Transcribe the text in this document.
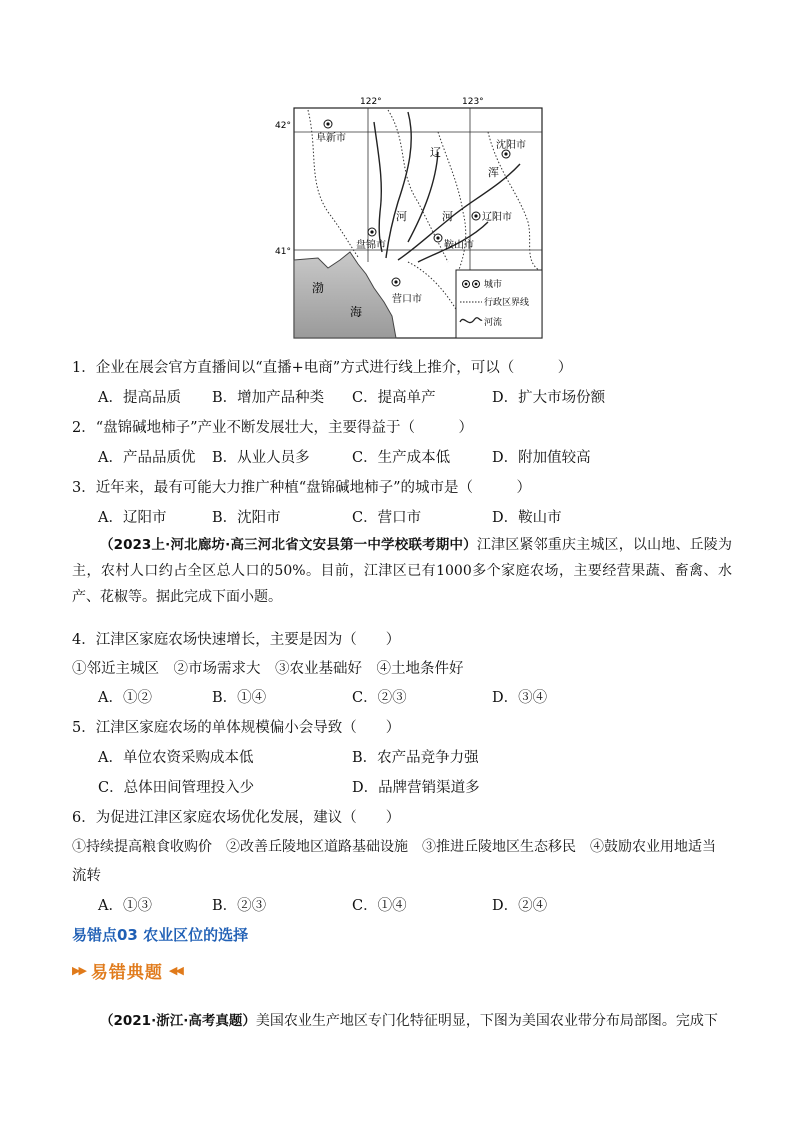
122°	123°
42°
41°
阜新市
沈阳市
辽阳市
盘锦市	鞍山市
营口市
辽
河	河
浑
渤
海
城市
行政区界线
河流
1．企业在展会官方直播间以“直播+电商”方式进行线上推介，可以（　　　）
A．提高品质 B．增加产品种类 C．提高单产	D．扩大市场份额
2．“盘锦碱地柿子”产业不断发展壮大，主要得益于（　　　）
A．产品品质优 B．从业人员多	C．生产成本低	D．附加值较高
3．近年来，最有可能大力推广种植“盘锦碱地柿子”的城市是（　　　）
A．辽阳市	B．沈阳市	C．营口市	D．鞍山市
（2023上·河北廊坊·高三河北省文安县第一中学校联考期中）江津区紧邻重庆主城区，以山地、丘陵为主，农村人口约占全区总人口的50%。目前，江津区已有1000多个家庭农场，主要经营果蔬、畜禽、水产、花椒等。据此完成下面小题。
4．江津区家庭农场快速增长，主要是因为（　　）
①邻近主城区　②市场需求大　③农业基础好　④土地条件好
A．①②	B．①④	C．②③	D．③④
5．江津区家庭农场的单体规模偏小会导致（　　）
A．单位农资采购成本低	B．农产品竞争力强
C．总体田间管理投入少	D．品牌营销渠道多
6．为促进江津区家庭农场优化发展，建议（　　）
①持续提高粮食收购价　②改善丘陵地区道路基础设施　③推进丘陵地区生态移民　④鼓励农业用地适当
流转
A．①③	B．②③	C．①④	D．②④
易错点03 农业区位的选择
▶▶ 易错典题 ◀◀
（2021·浙江·高考真题）美国农业生产地区专门化特征明显，下图为美国农业带分布局部图。完成下
